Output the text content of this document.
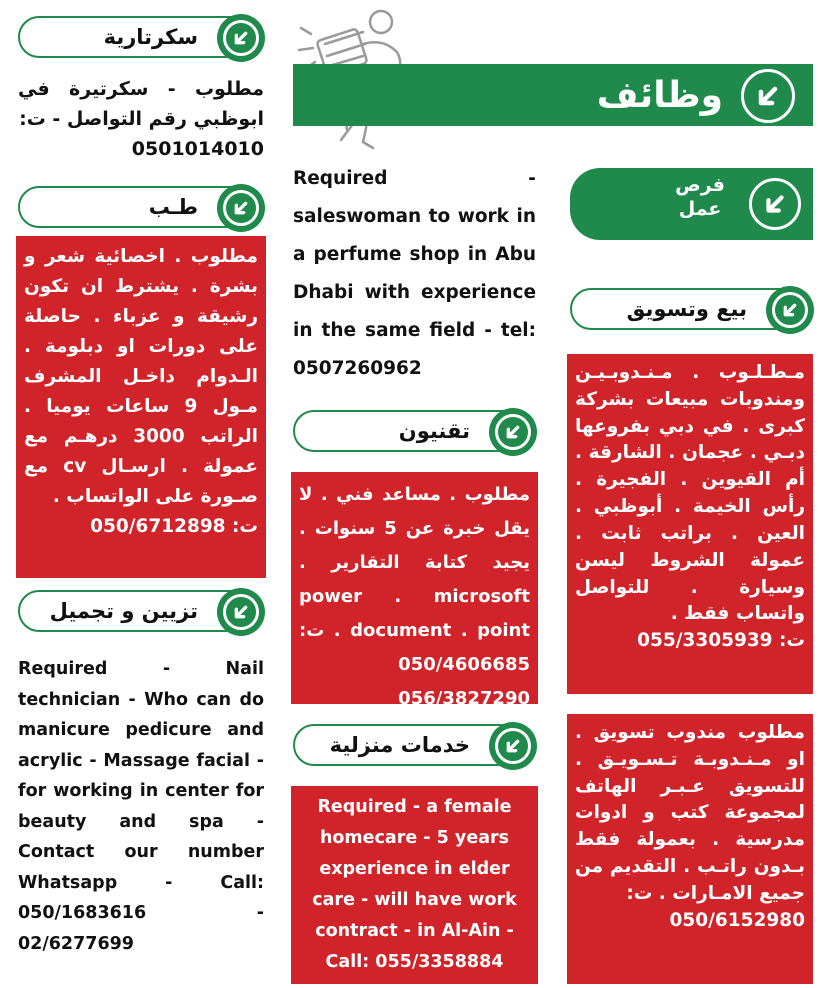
وظائف
فرص
عمل
بيع وتسويق
مـطـلـوب . مـنـدوبـيـن ومندوبات مبيعات بشركة كبرى . في دبي بفروعها دبـي . عجمان . الشارقة . أم القيوين . الفجيرة . رأس الخيمة . أبوظبي . العين . براتب ثابت . عمولة الشروط ليسن وسيارة . للتواصل واتساب فقط .
ت: 055/3305939
مطلوب مندوب تسويق . او مـنـدوبـة تـسـويـق . للتسويق عـبـر الهاتف لمجموعة كتب و ادوات مدرسية . بعمولة فقط بـدون راتـب . التقديم من جميع الامـارات . ت:
050/6152980
Required - saleswoman to work in a perfume shop in Abu Dhabi with experience in the same field - tel: 0507260962
تقنيون
مطلوب . مساعد فني . لا يقل خبرة عن 5 سنوات . يجيد كتابة التقارير . power . microsoft document . point . ت: 050/4606685
056/3827290
خدمات منزلية
Required - a female homecare - 5 years experience in elder care - will have work contract - in Al-Ain -
Call: 055/3358884
سكرتارية
مطلوب - سكرتيرة في ابوظبي رقم التواصل - ت:
0501014010
طـب
مطلوب . اخصائية شعر و بشرة . يشترط ان تكون رشيقة و عزباء . حاصلة على دورات او دبلومة . الـدوام داخـل المشرف مـول 9 ساعات يوميا . الراتب 3000 درهـم مع عمولة . ارسـال cv مع صـورة على الواتساب .
ت: 050/6712898
تزيين و تجميل
Required - Nail technician - Who can do manicure pedicure and acrylic - Massage facial - for working in center for beauty and spa - Contact our number Whatsapp - Call: 050/1683616 - 02/6277699
